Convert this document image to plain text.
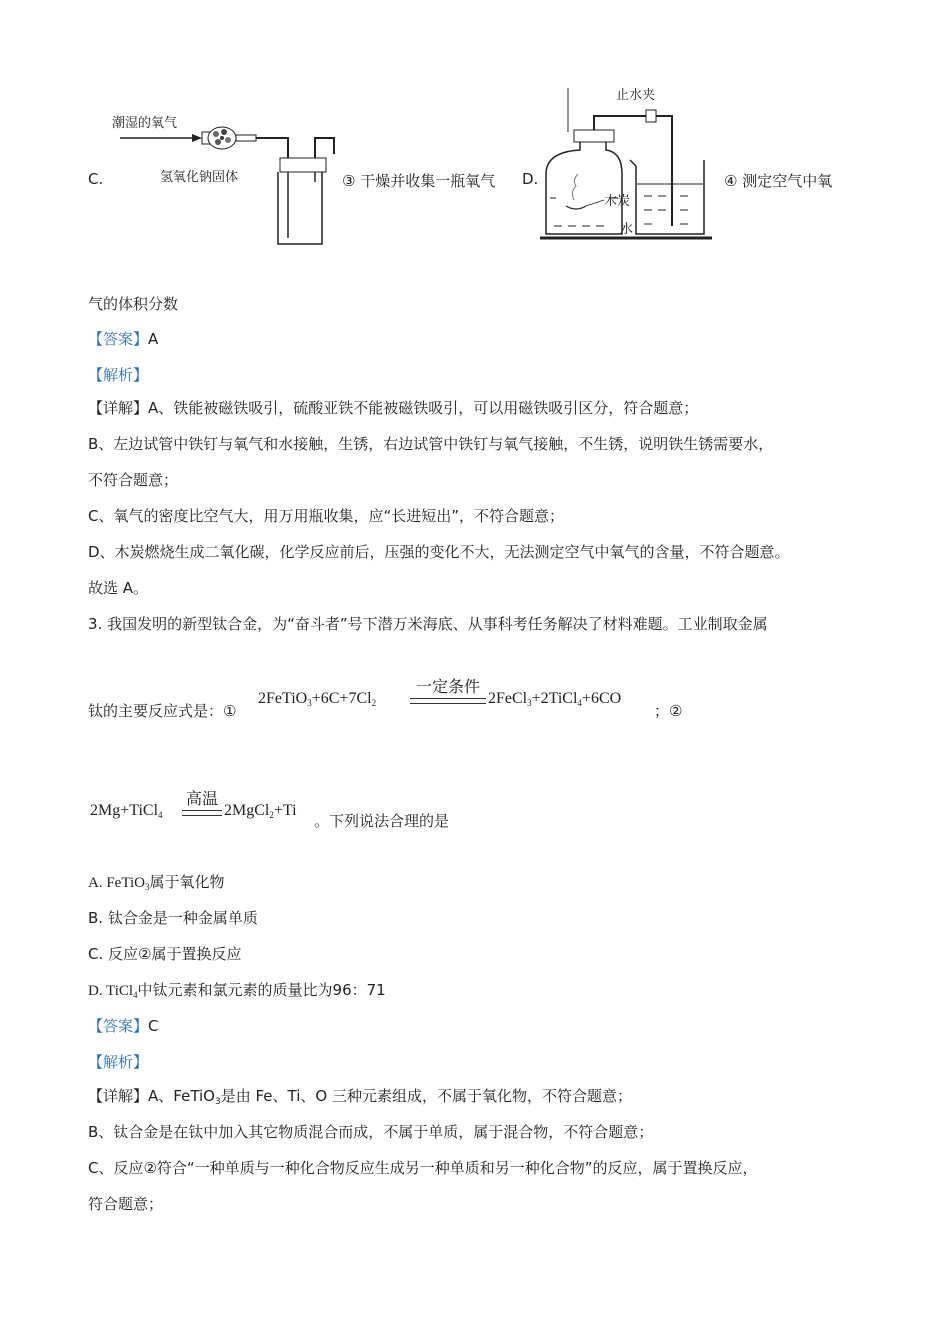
C.
潮湿的氧气
氢氧化钠固体	③ 干燥并收集一瓶氧气 D.
止水夹
木炭
水
④ 测定空气中氧
气的体积分数
【答案】A
【解析】
【详解】A、铁能被磁铁吸引，硫酸亚铁不能被磁铁吸引，可以用磁铁吸引区分，符合题意；
B、左边试管中铁钉与氧气和水接触，生锈，右边试管中铁钉与氧气接触，不生锈，说明铁生锈需要水，
不符合题意；
C、氧气的密度比空气大，用万用瓶收集，应“长进短出”，不符合题意；
D、木炭燃烧生成二氧化碳，化学反应前后，压强的变化不大，无法测定空气中氧气的含量，不符合题意。
故选 A。
3. 我国发明的新型钛合金，为“奋斗者”号下潜万米海底、从事科考任务解决了材料难题。工业制取金属
钛的主要反应式是：①
$2FeTiO_3+6C+7Cl_2$
一定条件
2FeCl$_3$+2TiCl$_4$+6CO
；②
2Mg+TiCl$_4$
高温
2MgCl$_2$+Ti
。下列说法合理的是
A. FeTiO$_3$属于氧化物
B. 钛合金是一种金属单质
C. 反应②属于置换反应
D. TiCl$_4$中钛元素和氯元素的质量比为96：71
【答案】C
【解析】
【详解】A、FeTiO$_3$是由 Fe、Ti、O 三种元素组成，不属于氧化物，不符合题意；
B、钛合金是在钛中加入其它物质混合而成，不属于单质，属于混合物，不符合题意；
C、反应②符合“一种单质与一种化合物反应生成另一种单质和另一种化合物”的反应，属于置换反应，
符合题意；
